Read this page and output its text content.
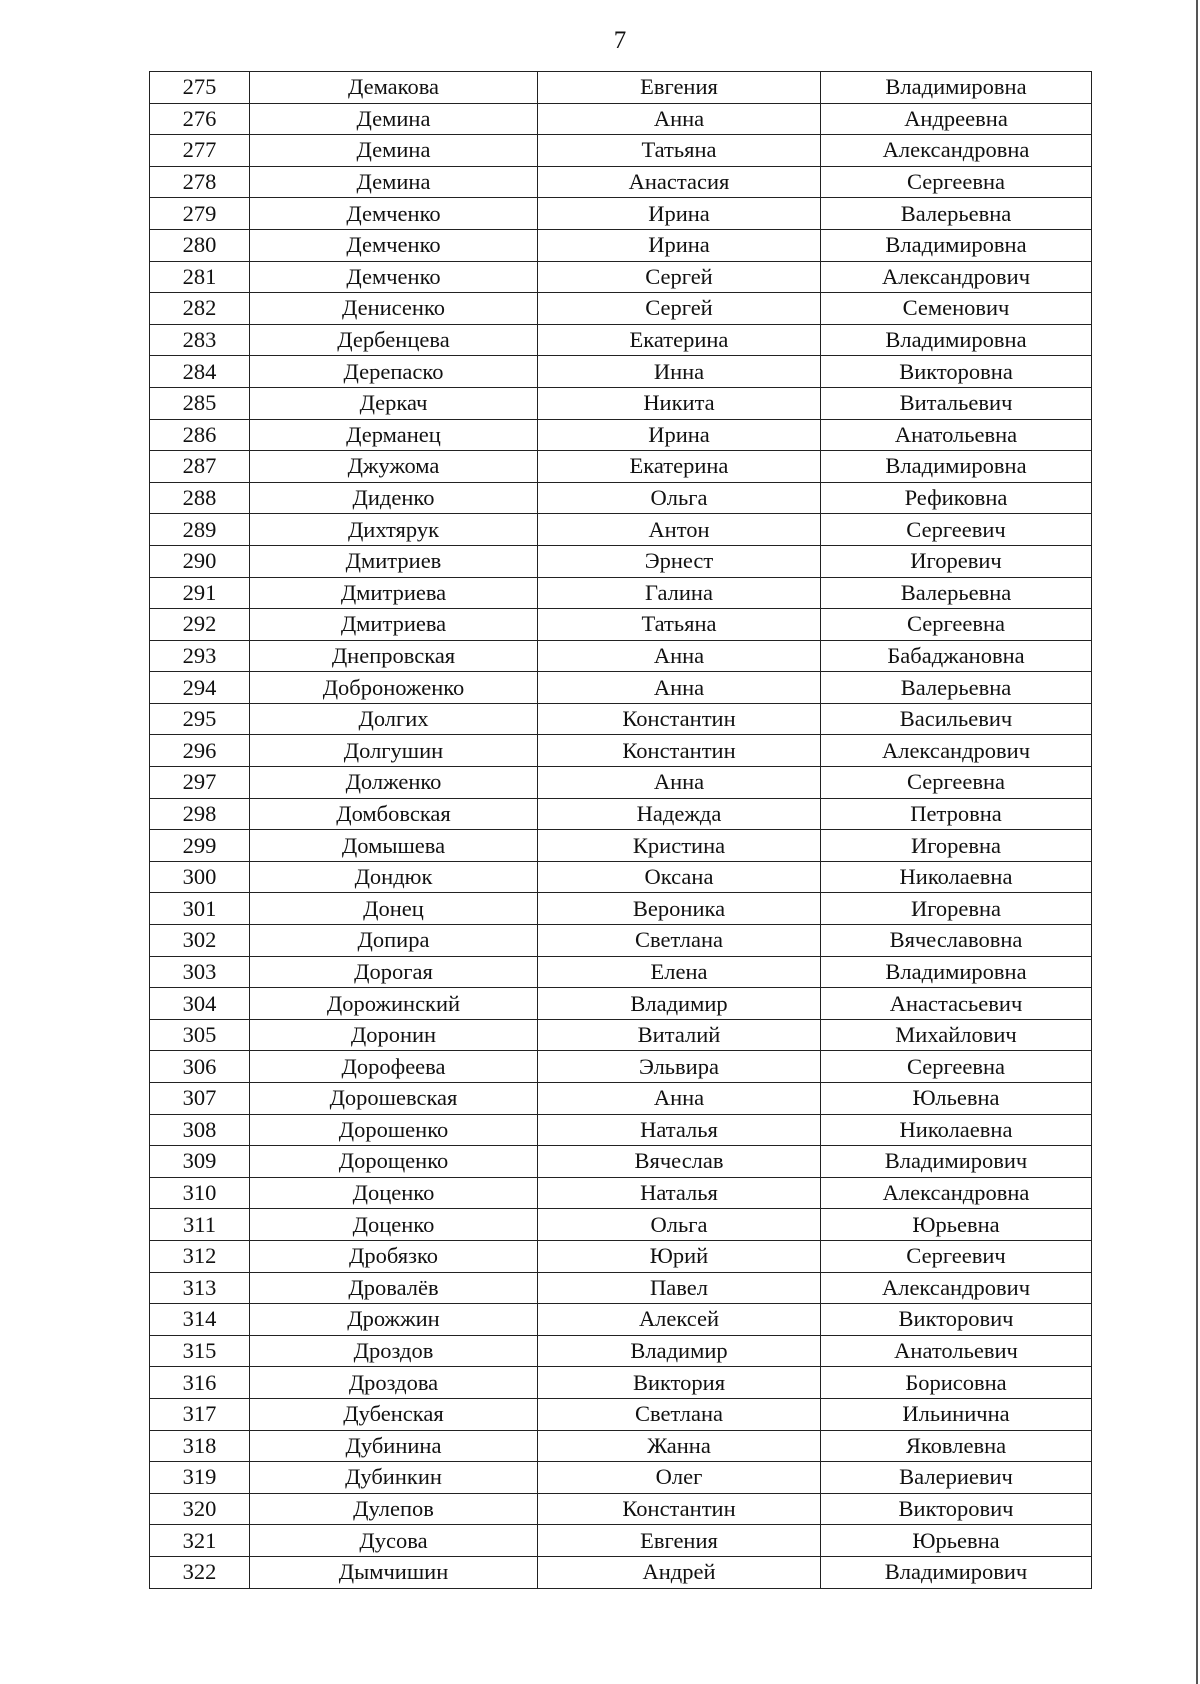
7
275	Демакова	Евгения	Владимировна
276	Демина	Анна	Андреевна
277	Демина	Татьяна	Александровна
278	Демина	Анастасия	Сергеевна
279	Демченко	Ирина	Валерьевна
280	Демченко	Ирина	Владимировна
281	Демченко	Сергей	Александрович
282	Денисенко	Сергей	Семенович
283	Дербенцева	Екатерина	Владимировна
284	Дерепаско	Инна	Викторовна
285	Деркач	Никита	Витальевич
286	Дерманец	Ирина	Анатольевна
287	Джужома	Екатерина	Владимировна
288	Диденко	Ольга	Рефиковна
289	Дихтярук	Антон	Сергеевич
290	Дмитриев	Эрнест	Игоревич
291	Дмитриева	Галина	Валерьевна
292	Дмитриева	Татьяна	Сергеевна
293	Днепровская	Анна	Бабаджановна
294	Доброноженко	Анна	Валерьевна
295	Долгих	Константин	Васильевич
296	Долгушин	Константин	Александрович
297	Долженко	Анна	Сергеевна
298	Домбовская	Надежда	Петровна
299	Домышева	Кристина	Игоревна
300	Дондюк	Оксана	Николаевна
301	Донец	Вероника	Игоревна
302	Допира	Светлана	Вячеславовна
303	Дорогая	Елена	Владимировна
304	Дорожинский	Владимир	Анастасьевич
305	Доронин	Виталий	Михайлович
306	Дорофеева	Эльвира	Сергеевна
307	Дорошевская	Анна	Юльевна
308	Дорошенко	Наталья	Николаевна
309	Дорощенко	Вячеслав	Владимирович
310	Доценко	Наталья	Александровна
311	Доценко	Ольга	Юрьевна
312	Дробязко	Юрий	Сергеевич
313	Дровалёв	Павел	Александрович
314	Дрожжин	Алексей	Викторович
315	Дроздов	Владимир	Анатольевич
316	Дроздова	Виктория	Борисовна
317	Дубенская	Светлана	Ильинична
318	Дубинина	Жанна	Яковлевна
319	Дубинкин	Олег	Валериевич
320	Дулепов	Константин	Викторович
321	Дусова	Евгения	Юрьевна
322	Дымчишин	Андрей	Владимирович
